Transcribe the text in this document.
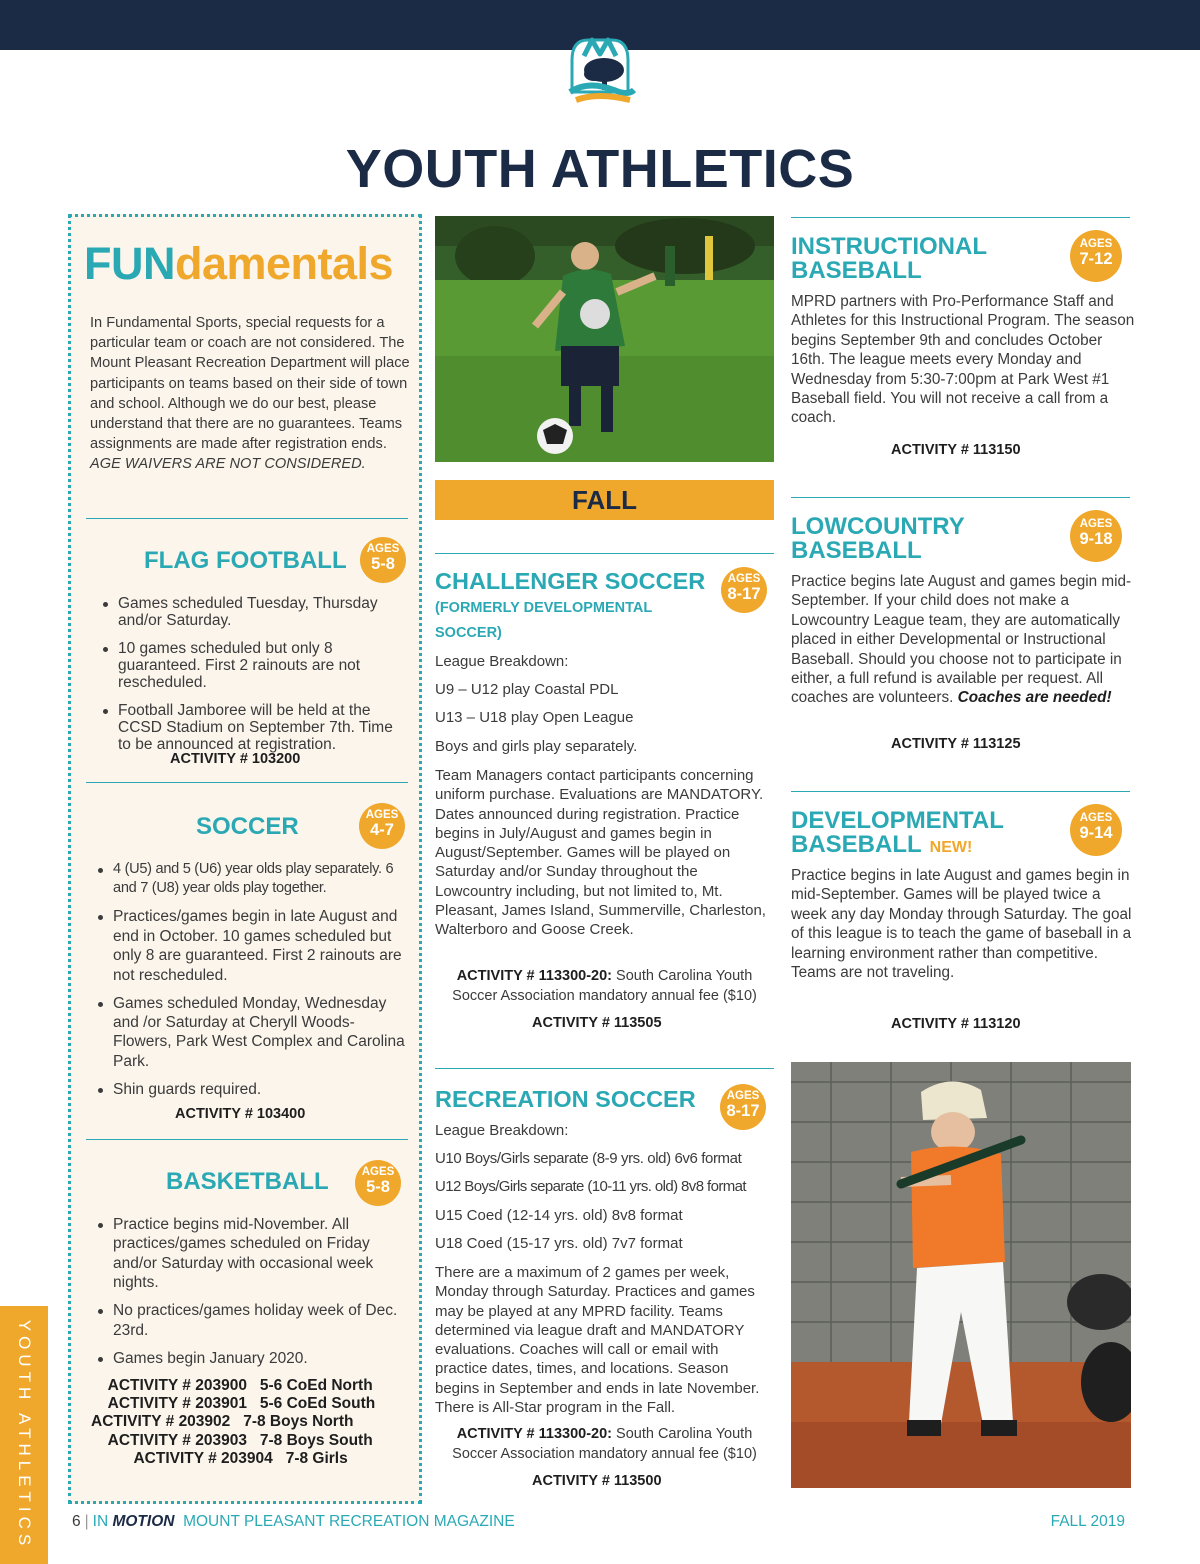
YOUTH ATHLETICS
FUNdamentals
In Fundamental Sports, special requests for a particular team or coach are not considered. The Mount Pleasant Recreation Department will place participants on teams based on their side of town and school. Although we do our best, please understand that there are no guarantees. Teams assignments are made after registration ends.
AGE WAIVERS ARE NOT CONSIDERED.
FLAG FOOTBALL	AGES
5-8
Games scheduled Tuesday, Thursday and/or Saturday.
10 games scheduled but only 8 guaranteed. First 2 rainouts are not rescheduled.
Football Jamboree will be held at the CCSD Stadium on September 7th. Time to be announced at registration.
ACTIVITY # 103200
SOCCER	AGES
4-7
4 (U5) and 5 (U6) year olds play separately. 6 and 7 (U8) year olds play together.
Practices/games begin in late August and end in October. 10 games scheduled but only 8 are guaranteed. First 2 rainouts are not rescheduled.
Games scheduled Monday, Wednesday and /or Saturday at Cheryll Woods-Flowers, Park West Complex and Carolina Park.
Shin guards required.
ACTIVITY # 103400
BASKETBALL	AGES
5-8
Practice begins mid-November. All practices/games scheduled on Friday and/or Saturday with occasional week nights.
No practices/games holiday week of Dec. 23rd.
Games begin January 2020.
ACTIVITY # 203900   5-6 CoEd North
ACTIVITY # 203901   5-6 CoEd South
ACTIVITY # 203902   7-8 Boys North
ACTIVITY # 203903   7-8 Boys South
ACTIVITY # 203904   7-8 Girls
FALL
CHALLENGER SOCCER
(FORMERLY DEVELOPMENTAL SOCCER)
AGES
8-17
League Breakdown:
U9 – U12 play Coastal PDL
U13 – U18 play Open League
Boys and girls play separately.
Team Managers contact participants concerning uniform purchase. Evaluations are MANDATORY. Dates announced during registration. Practice begins in July/August and games begin in August/September. Games will be played on Saturday and/or Sunday throughout the Lowcountry including, but not limited to, Mt. Pleasant, James Island, Summerville, Charleston, Walterboro and Goose Creek.
ACTIVITY # 113300-20: South Carolina Youth Soccer Association mandatory annual fee ($10)
ACTIVITY # 113505
RECREATION SOCCER	AGES
8-17
League Breakdown:
U10 Boys/Girls separate (8-9 yrs. old) 6v6 format
U12 Boys/Girls separate (10-11 yrs. old) 8v8 format
U15 Coed (12-14 yrs. old) 8v8 format
U18 Coed (15-17 yrs. old) 7v7 format
There are a maximum of 2 games per week, Monday through Saturday. Practices and games may be played at any MPRD facility. Teams determined via league draft and MANDATORY evaluations. Coaches will call or email with practice dates, times, and locations. Season begins in September and ends in late November. There is All-Star program in the Fall.
ACTIVITY # 113300-20: South Carolina Youth Soccer Association mandatory annual fee ($10)
ACTIVITY # 113500
INSTRUCTIONAL
BASEBALL
AGES
7-12
MPRD partners with Pro-Performance Staff and Athletes for this Instructional Program. The season begins September 9th and concludes October 16th. The league meets every Monday and Wednesday from 5:30-7:00pm at Park West #1 Baseball field. You will not receive a call from a coach.
ACTIVITY # 113150
LOWCOUNTRY
BASEBALL
AGES
9-18
Practice begins late August and games begin mid-September. If your child does not make a Lowcountry League team, they are automatically placed in either Developmental or Instructional Baseball. Should you choose not to participate in either, a full refund is available per request. All coaches are volunteers. Coaches are needed!
ACTIVITY # 113125
DEVELOPMENTAL
BASEBALL NEW!
AGES
9-14
Practice begins in late August and games begin in mid-September. Games will be played twice a week any day Monday through Saturday. The goal of this league is to teach the game of baseball in a learning environment rather than competitive. Teams are not traveling.
ACTIVITY # 113120
YOUTH ATHLETICS 6 | IN MOTION MOUNT PLEASANT RECREATION MAGAZINE	FALL 2019
